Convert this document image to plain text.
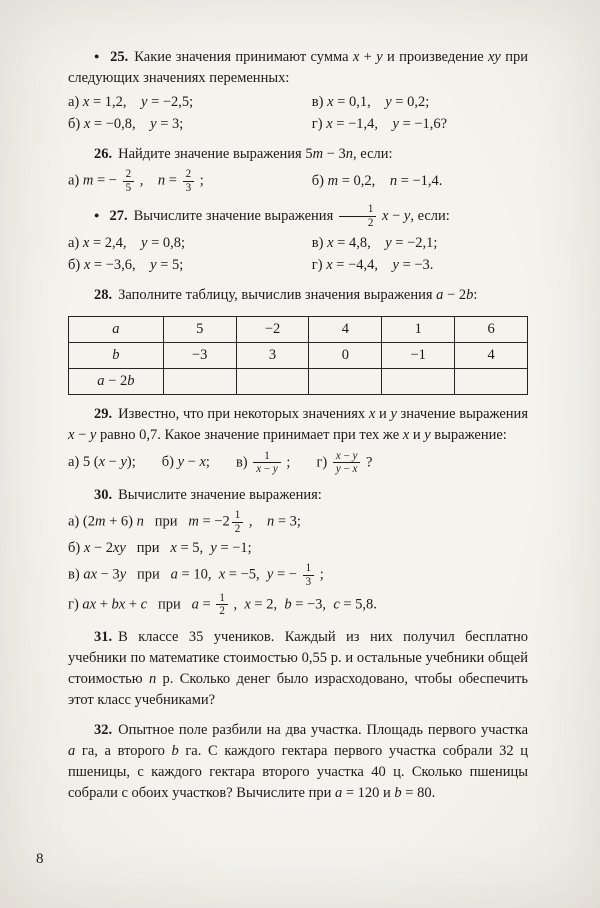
● 25. Какие значения принимают сумма x + y и произведение xy при следующих значениях переменных:

а) x = 1,2,    y = −2,5;	в) x = 0,1,    y = 0,2;
б) x = −0,8,    y = 3;	г) x = −1,4,    y = −1,6?

26. Найдите значение выражения 5m − 3n, если:

а) m = − $\frac{2}{5}$ ,    $n = \frac{2}{3}$ ;	б) m = 0,2,    n = −1,4.

● 27. Вычислите значение выражения $\frac{1}{2}$ x − y, если:

а) x = 2,4,    y = 0,8;	в) x = 4,8,    y = −2,1;
б) x = −3,6,    y = 5;	г) x = −4,4,    y = −3.

28. Заполните таблицу, вычислив значения выражения a − 2b:

a	5	−2	4	1	6
b	−3	3	0	−1	4
a − 2b					

29. Известно, что при некоторых значениях x и y значение выражения x − y равно 0,7. Какое значение принимает при тех же x и y выражение:

а) 5 (x − y); б) y − x; $в) \frac{1}{x - y}$ ; $г) \frac{x - y}{y - x}$ ?

30. Вычислите значение выражения:

а) (2m + 6) n   при   $m = -2 \frac{1}{2}$ ,    n = 3;
б) x − 2xy   при   x = 5,  y = −1;
в) ax − 3y   при   a = 10,  x = −5,  y = − $\frac{1}{3}$ ;
г) ax + bx + c   при   $a = \frac{1}{2}$ ,  x = 2,  b = −3,  c = 5,8.

31. В классе 35 учеников. Каждый из них получил бесплатно учебники по математике стоимостью 0,55 р. и остальные учебники общей стоимостью n р. Сколько денег было израсходовано, чтобы обеспечить этот класс учебниками?

32. Опытное поле разбили на два участка. Площадь первого участка a га, а второго b га. С каждого гектара первого участка собрали 32 ц пшеницы, с каждого гектара второго участка 40 ц. Сколько пшеницы собрали с обоих участков? Вычислите при a = 120 и b = 80.

8
